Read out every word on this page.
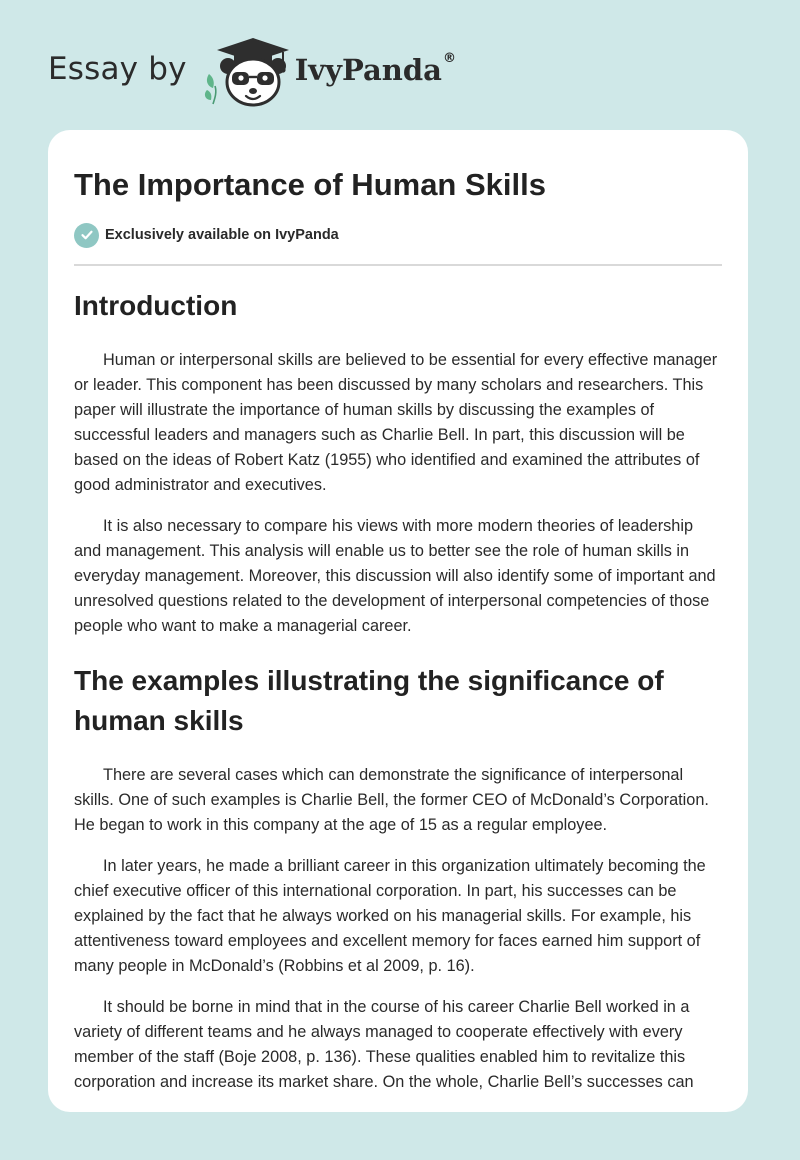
Essay by	IvyPanda®
The Importance of Human Skills
Exclusively available on IvyPanda
Introduction

Human or interpersonal skills are believed to be essential for every effective manager or leader. This component has been discussed by many scholars and researchers. This paper will illustrate the importance of human skills by discussing the examples of successful leaders and managers such as Charlie Bell. In part, this discussion will be based on the ideas of Robert Katz (1955) who identified and examined the attributes of good administrator and executives.

It is also necessary to compare his views with more modern theories of leadership and management. This analysis will enable us to better see the role of human skills in everyday management. Moreover, this discussion will also identify some of important and unresolved questions related to the development of interpersonal competencies of those people who want to make a managerial career.

The examples illustrating the significance of human skills

There are several cases which can demonstrate the significance of interpersonal skills. One of such examples is Charlie Bell, the former CEO of McDonald’s Corporation. He began to work in this company at the age of 15 as a regular employee.

In later years, he made a brilliant career in this organization ultimately becoming the chief executive officer of this international corporation. In part, his successes can be explained by the fact that he always worked on his managerial skills. For example, his attentiveness toward employees and excellent memory for faces earned him support of many people in McDonald’s (Robbins et al 2009, p. 16).

It should be borne in mind that in the course of his career Charlie Bell worked in a variety of different teams and he always managed to cooperate effectively with every member of the staff (Boje 2008, p. 136). These qualities enabled him to revitalize this corporation and increase its market share. On the whole, Charlie Bell’s successes can
